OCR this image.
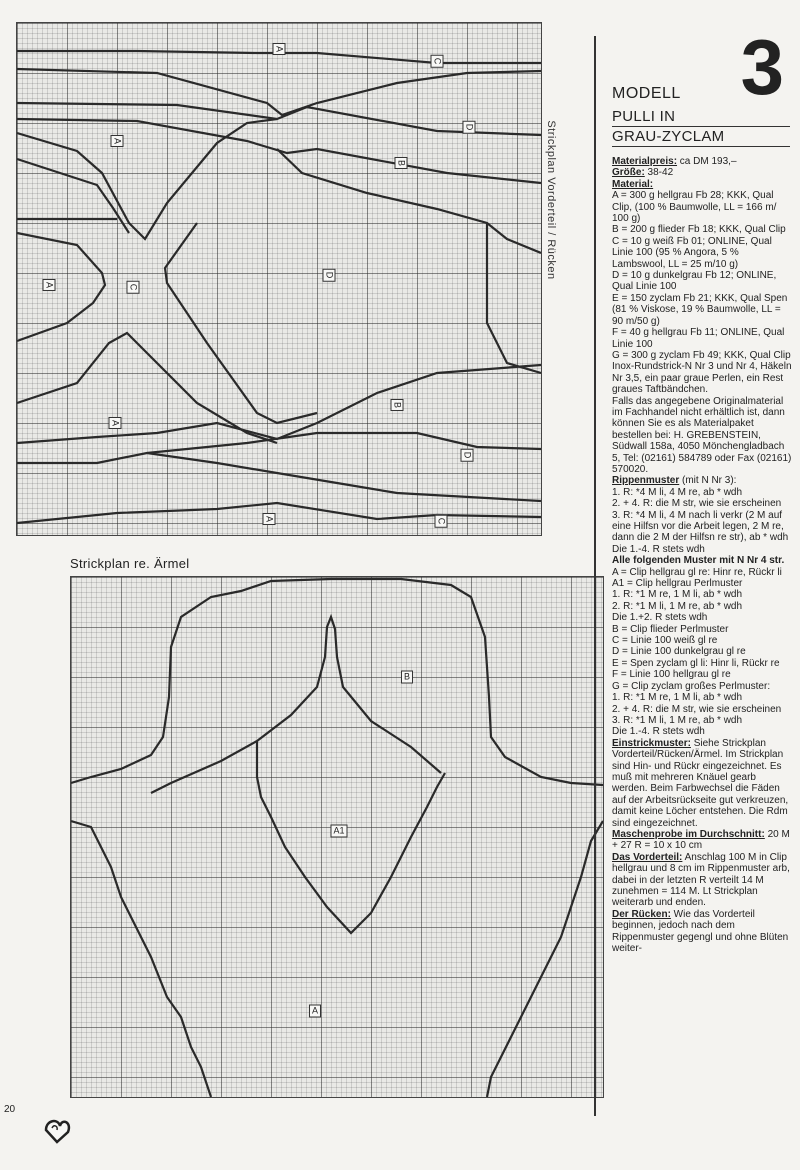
A
C
D
A
B
A	C
D
B
A
D
C
A
Strickplan Vorderteil / Rücken
Strickplan re. Ärmel
B
A1
A
3
MODELL
PULLI IN
GRAU-ZYCLAM

Materialpreis: ca DM 193,–

Größe: 38-42

Material:

A = 300 g hellgrau Fb 28; KKK, Qual Clip, (100 % Baumwolle, LL = 166 m/ 100 g)

B = 200 g flieder Fb 18; KKK, Qual Clip

C = 10 g weiß Fb 01; ONLINE, Qual Linie 100 (95 % Angora, 5 % Lambswool, LL = 25 m/10 g)

D = 10 g dunkelgrau Fb 12; ONLINE, Qual Linie 100

E = 150 zyclam Fb 21; KKK, Qual Spen (81 % Viskose, 19 % Baumwolle, LL = 90 m/50 g)

F = 40 g hellgrau Fb 11; ONLINE, Qual Linie 100

G = 300 g zyclam Fb 49; KKK, Qual Clip

Inox-Rundstrick-N Nr 3 und Nr 4, Häkeln Nr 3,5, ein paar graue Perlen, ein Rest graues Taftbändchen.

Falls das angegebene Originalmaterial im Fachhandel nicht erhältlich ist, dann können Sie es als Materialpaket bestellen bei: H. GREBENSTEIN, Südwall 158a, 4050 Mönchengladbach 5, Tel: (02161) 584789 oder Fax (02161) 570020.

Rippenmuster (mit N Nr 3):

1. R: *4 M li, 4 M re, ab * wdh

2. + 4. R: die M str, wie sie erscheinen

3. R: *4 M li, 4 M nach li verkr (2 M auf eine Hilfsn vor die Arbeit legen, 2 M re, dann die 2 M der Hilfsn re str), ab * wdh

Die 1.-4. R stets wdh

Alle folgenden Muster mit N Nr 4 str.

A = Clip hellgrau gl re: Hinr re, Rückr li

A1 = Clip hellgrau Perlmuster

1. R: *1 M re, 1 M li, ab * wdh

2. R: *1 M li, 1 M re, ab * wdh

Die 1.+2. R stets wdh

B = Clip flieder Perlmuster

C = Linie 100 weiß gl re

D = Linie 100 dunkelgrau gl re

E = Spen zyclam gl li: Hinr li, Rückr re

F = Linie 100 hellgrau gl re

G = Clip zyclam großes Perlmuster:

1. R: *1 M re, 1 M li, ab * wdh

2. + 4. R: die M str, wie sie erscheinen

3. R: *1 M li, 1 M re, ab * wdh

Die 1.-4. R stets wdh

Einstrickmuster: Siehe Strickplan Vorderteil/Rücken/Ärmel. Im Strickplan sind Hin- und Rückr eingezeichnet. Es muß mit mehreren Knäuel gearb werden. Beim Farbwechsel die Fäden auf der Arbeitsrückseite gut verkreuzen, damit keine Löcher entstehen. Die Rdm sind eingezeichnet.

Maschenprobe im Durchschnitt: 20 M + 27 R = 10 x 10 cm

Das Vorderteil: Anschlag 100 M in Clip hellgrau und 8 cm im Rippenmuster arb, dabei in der letzten R verteilt 14 M zunehmen = 114 M. Lt Strickplan weiterarb und enden.

Der Rücken: Wie das Vorderteil beginnen, jedoch nach dem Rippenmuster gegengl und ohne Blüten weiter-

20
